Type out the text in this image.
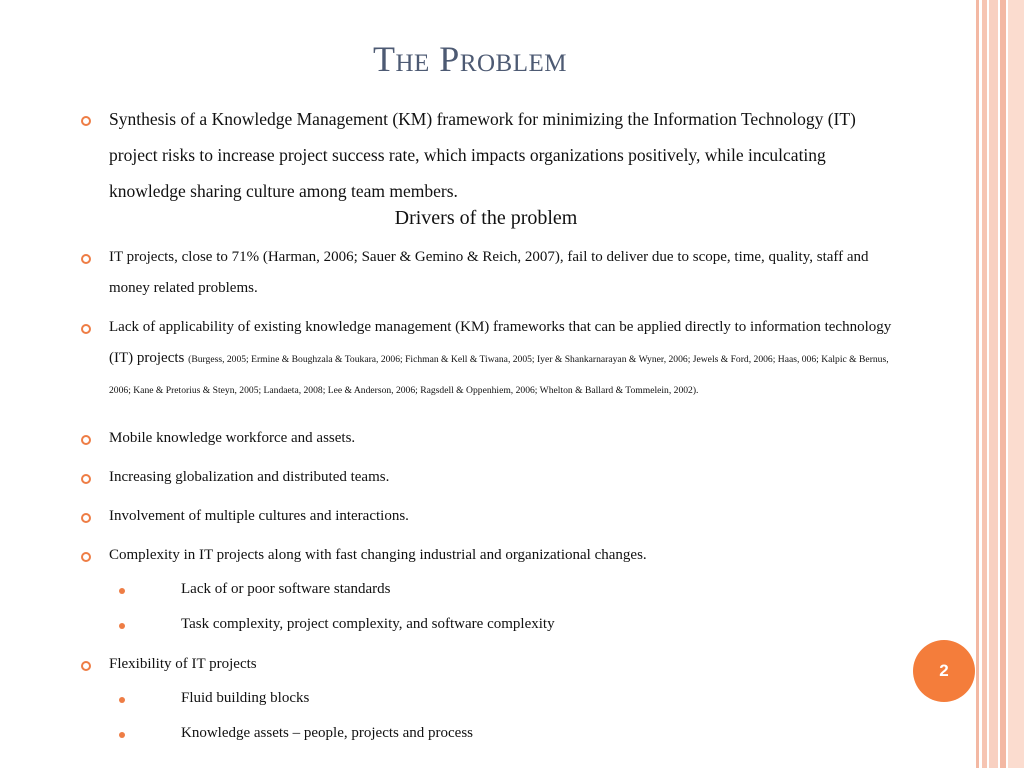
The Problem
Synthesis of a Knowledge Management (KM) framework for minimizing the Information Technology (IT) project risks to increase project success rate, which impacts organizations positively, while inculcating knowledge sharing culture among team members.
Drivers of the problem
IT projects, close to 71% (Harman, 2006; Sauer & Gemino & Reich, 2007), fail to deliver due to scope, time, quality, staff and money related problems.
Lack of applicability of existing knowledge management (KM) frameworks that can be applied directly to information technology (IT) projects (Burgess, 2005; Ermine & Boughzala & Toukara, 2006; Fichman & Kell & Tiwana, 2005; Iyer & Shankarnarayan & Wyner, 2006; Jewels & Ford, 2006; Haas, 006; Kalpic & Bernus, 2006; Kane & Pretorius & Steyn, 2005; Landaeta, 2008; Lee & Anderson, 2006; Ragsdell & Oppenhiem, 2006; Whelton & Ballard & Tommelein, 2002).
Mobile knowledge workforce and assets.
Increasing globalization and distributed teams.
Involvement of multiple cultures and interactions.
Complexity in IT projects along with fast changing industrial and organizational changes.
Lack of or poor software standards
Task complexity, project complexity, and software complexity
Flexibility of IT projects
Fluid building blocks
Knowledge assets – people, projects and process
2
